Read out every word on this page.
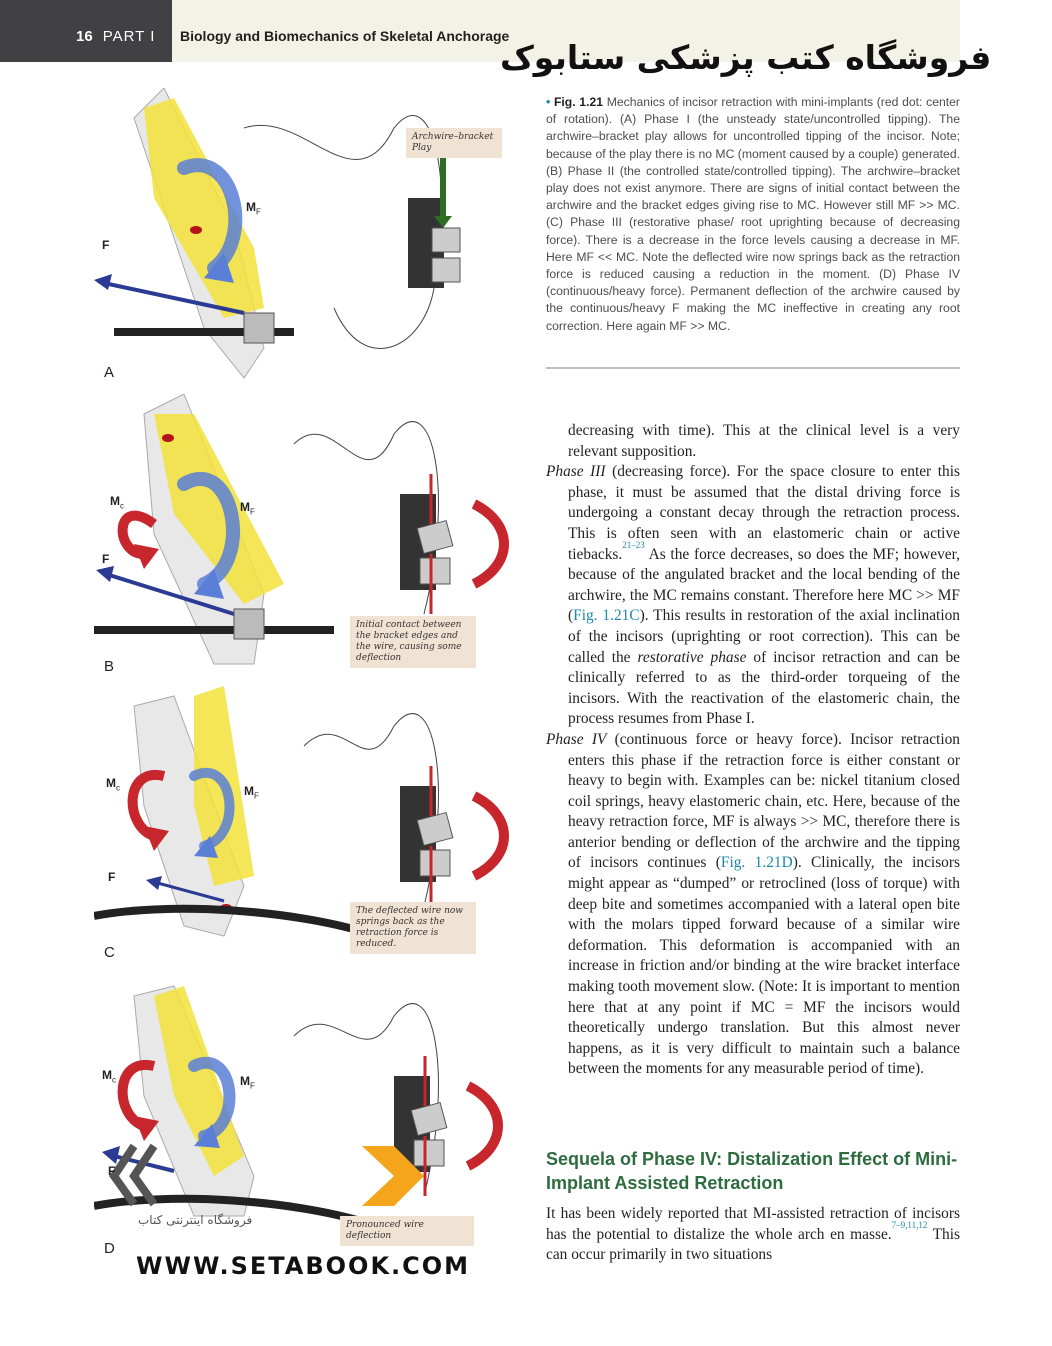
16 PART I	Biology and Biomechanics of Skeletal Anchorage
فروشگاه کتب پزشکی ستابوک
Archwire–bracket Play
F
$M_F$
A
Initial contact between the bracket edges and the wire, causing some deflection
$M_c$
F
$M_F$
B
The deflected wire now springs back as the retraction force is reduced.
$M_c$
F
$M_F$
C
Pronounced wire deflection
$M_c$
F
$M_F$
D
• Fig. 1.21 Mechanics of incisor retraction with mini-implants (red dot: center of rotation). (A) Phase I (the unsteady state/uncontrolled tipping). The archwire–bracket play allows for uncontrolled tipping of the incisor. Note; because of the play there is no MC (moment caused by a couple) generated. (B) Phase II (the controlled state/controlled tipping). The archwire–bracket play does not exist anymore. There are signs of initial contact between the archwire and the bracket edges giving rise to MC. However still MF >> MC. (C) Phase III (restorative phase/ root uprighting because of decreasing force). There is a decrease in the force levels causing a decrease in MF. Here MF << MC. Note the deflected wire now springs back as the retraction force is reduced causing a reduction in the moment. (D) Phase IV (continuous/heavy force). Permanent deflection of the archwire caused by the continuous/heavy F making the MC ineffective in creating any root correction. Here again MF >> MC.

decreasing with time). This at the clinical level is a very relevant supposition.

Phase III (decreasing force). For the space closure to enter this phase, it must be assumed that the distal driving force is undergoing a constant decay through the retraction process. This is often seen with an elastomeric chain or active tiebacks.$^{21-23}$ As the force decreases, so does the MF; however, because of the angulated bracket and the local bending of the archwire, the MC remains constant. Therefore here MC >> MF (Fig. 1.21C). This results in restoration of the axial inclination of the incisors (uprighting or root correction). This can be called the restorative phase of incisor retraction and can be clinically referred to as the third-order torqueing of the incisors. With the reactivation of the elastomeric chain, the process resumes from Phase I.

Phase IV (continuous force or heavy force). Incisor retraction enters this phase if the retraction force is either constant or heavy to begin with. Examples can be: nickel titanium closed coil springs, heavy elastomeric chain, etc. Here, because of the heavy retraction force, MF is always >> MC, therefore there is anterior bending or deflection of the archwire and the tipping of incisors continues (Fig. 1.21D). Clinically, the incisors might appear as “dumped” or retroclined (loss of torque) with deep bite and sometimes accompanied with a lateral open bite with the molars tipped forward because of a similar wire deformation. This deformation is accompanied with an increase in friction and/or binding at the wire bracket interface making tooth movement slow. (Note: It is important to mention here that at any point if MC = MF the incisors would theoretically undergo translation. But this almost never happens, as it is very difficult to maintain such a balance between the moments for any measurable period of time).

Sequela of Phase IV: Distalization Effect of Mini-Implant Assisted Retraction
It has been widely reported that MI-assisted retraction of incisors has the potential to distalize the whole arch en masse.$^{7-9,11,12}$ This can occur primarily in two situations
فروشگاه اینترنتی کتاب
WWW.SETABOOK.COM
